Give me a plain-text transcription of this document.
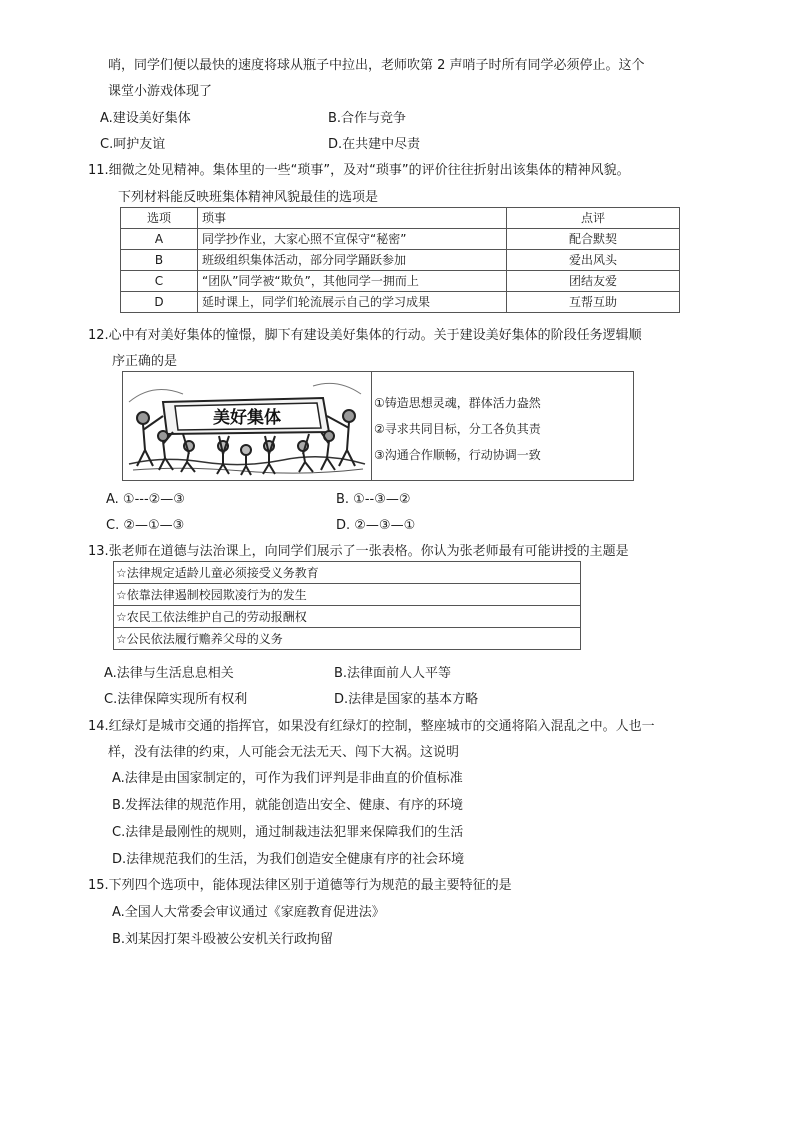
哨，同学们便以最快的速度将球从瓶子中拉出，老师吹第 2 声哨子时所有同学必须停止。这个
课堂小游戏体现了
A.建设美好集体	B.合作与竞争
C.呵护友谊	D.在共建中尽责
11.细微之处见精神。集体里的一些“琐事”，及对“琐事”的评价往往折射出该集体的精神风貌。
下列材料能反映班集体精神风貌最佳的选项是
选项	琐事	点评
A	同学抄作业，大家心照不宣保守“秘密”	配合默契
B	班级组织集体活动，部分同学踊跃参加	爱出风头
C	“团队”同学被“欺负”，其他同学一拥而上	团结友爱
D	延时课上，同学们轮流展示自己的学习成果	互帮互助
12.心中有对美好集体的憧憬，脚下有建设美好集体的行动。关于建设美好集体的阶段任务逻辑顺
序正确的是
美好集体
①铸造思想灵魂，群体活力盎然
②寻求共同目标，分工各负其责
③沟通合作顺畅，行动协调一致
A. ①---②—③	B. ①--③—②
C. ②—①—③	D. ②—③—①
13.张老师在道德与法治课上，向同学们展示了一张表格。你认为张老师最有可能讲授的主题是
☆法律规定适龄儿童必须接受义务教育
☆依靠法律遏制校园欺凌行为的发生
☆农民工依法维护自己的劳动报酬权
☆公民依法履行赡养父母的义务
A.法律与生活息息相关	B.法律面前人人平等
C.法律保障实现所有权利	D.法律是国家的基本方略
14.红绿灯是城市交通的指挥官，如果没有红绿灯的控制，整座城市的交通将陷入混乱之中。人也一
样，没有法律的约束，人可能会无法无天、闯下大祸。这说明
A.法律是由国家制定的，可作为我们评判是非曲直的价值标准
B.发挥法律的规范作用，就能创造出安全、健康、有序的环境
C.法律是最刚性的规则，通过制裁违法犯罪来保障我们的生活
D.法律规范我们的生活，为我们创造安全健康有序的社会环境
15.下列四个选项中，能体现法律区别于道德等行为规范的最主要特征的是
A.全国人大常委会审议通过《家庭教育促进法》
B.刘某因打架斗殴被公安机关行政拘留
